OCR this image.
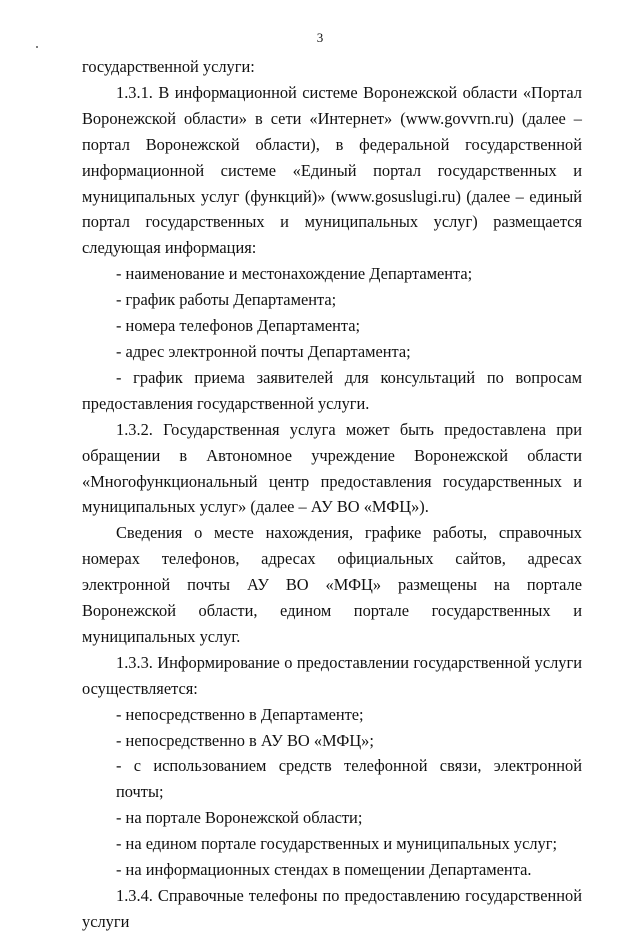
3

государственной услуги:

1.3.1. В информационной системе Воронежской области «Портал Воронежской области» в сети «Интернет» (www.govvrn.ru) (далее – портал Воронежской области), в федеральной государственной информационной системе «Единый портал государственных и муниципальных услуг (функций)» (www.gosuslugi.ru) (далее – единый портал государственных и муниципальных услуг) размещается следующая информация:

- наименование и местонахождение Департамента;

- график работы Департамента;

- номера телефонов Департамента;

- адрес электронной почты Департамента;

- график приема заявителей для консультаций по вопросам предоставления государственной услуги.

1.3.2. Государственная услуга может быть предоставлена при обращении в Автономное учреждение Воронежской области «Многофункциональный центр предоставления государственных и муниципальных услуг» (далее – АУ ВО «МФЦ»).

Сведения о месте нахождения, графике работы, справочных номерах телефонов, адресах официальных сайтов, адресах электронной почты АУ ВО «МФЦ» размещены на портале Воронежской области, едином портале государственных и муниципальных услуг.

1.3.3. Информирование о предоставлении государственной услуги осуществляется:

- непосредственно в Департаменте;

- непосредственно в АУ ВО «МФЦ»;

- с использованием средств телефонной связи, электронной почты;

- на портале Воронежской области;

- на едином портале государственных и муниципальных услуг;

- на информационных стендах в помещении Департамента.

1.3.4. Справочные телефоны по предоставлению государственной услуги
